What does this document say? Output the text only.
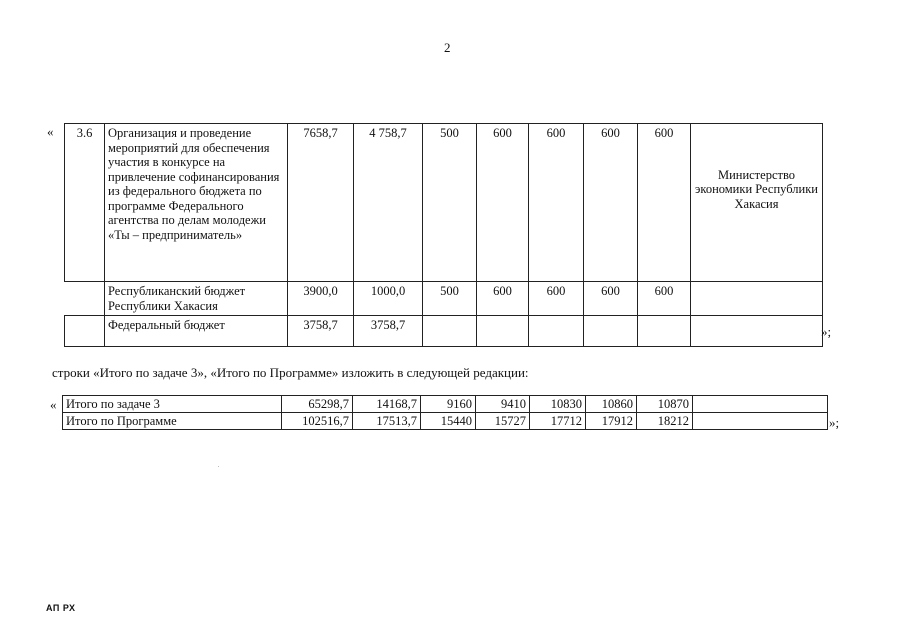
2
« 3.6	Организация и проведение мероприятий для обеспечения участия в конкурсе на привлечение софинансирования из федерального бюджета по программе Федерального агентства по делам молодежи «Ты – предприниматель»	7658,7	4 758,7	500	600	600	600	600	Министерство экономики Республики Хакасия
	Республиканский бюджет Республики Хакасия	3900,0	1000,0	500	600	600	600	600	
	Федеральный бюджет	3758,7	3758,7							»;
строки «Итого по задаче 3», «Итого по Программе» изложить в следующей редакции:
« Итого по задаче 3	65298,7	14168,7	9160	9410	10830	10860	10870	
Итого по Программе	102516,7	17513,7	15440	15727	17712	17912	18212		»;
АП РХ
